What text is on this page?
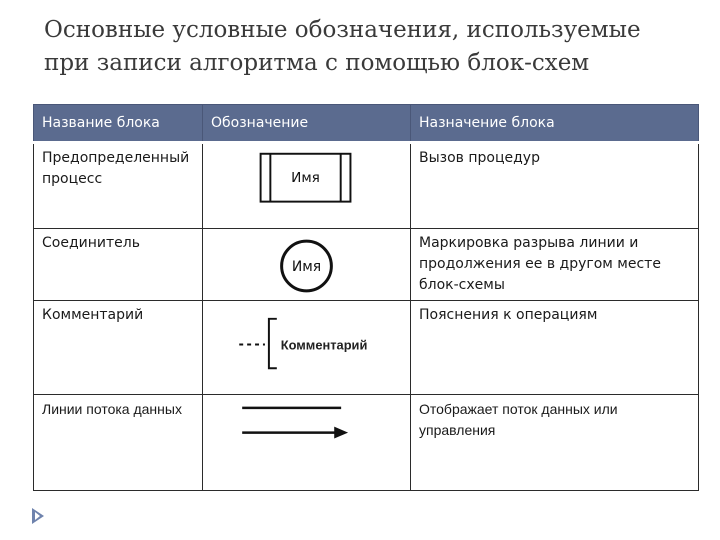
Основные условные обозначения, используемые
при записи алгоритма с помощью блок-схем
Название блока	Обозначение	Назначение блока
Предопределенный процесс	Имя	Вызов процедур
Соединитель	Имя	Маркировка разрыва линии и продолжения ее в другом месте блок-схемы
Комментарий	Комментарий	Пояснения к операциям
Линии потока данных		Отображает поток данных или управления
